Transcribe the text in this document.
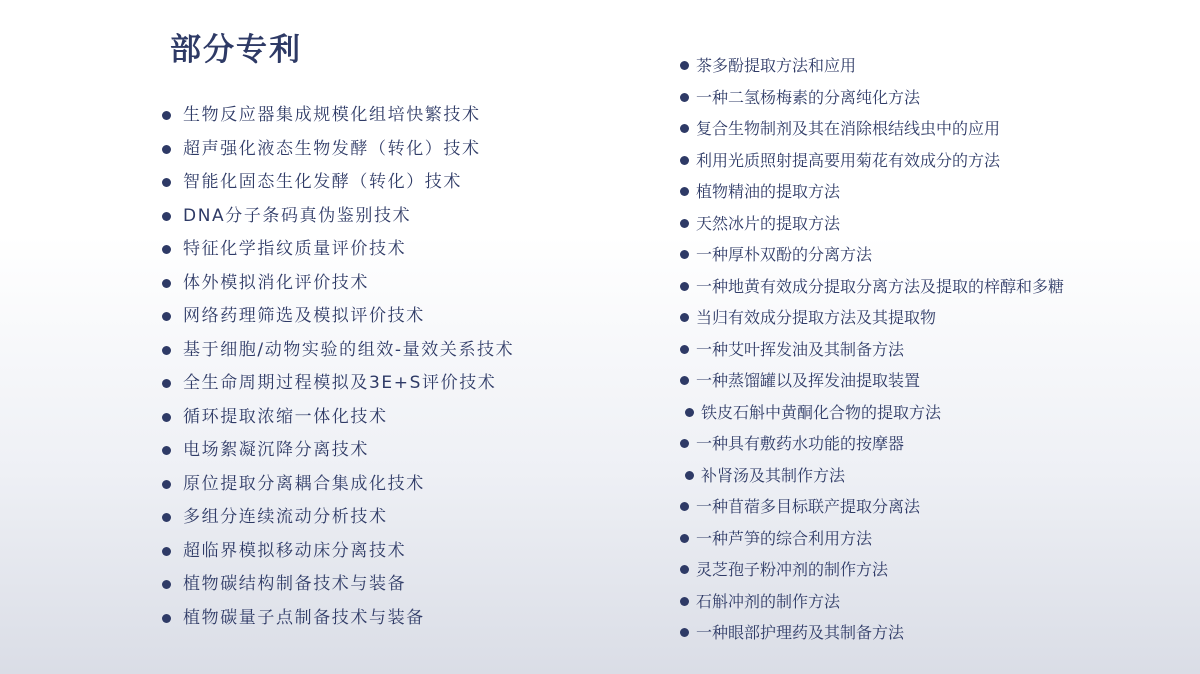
部分专利
生物反应器集成规模化组培快繁技术
超声强化液态生物发酵（转化）技术
智能化固态生化发酵（转化）技术
DNA分子条码真伪鉴别技术
特征化学指纹质量评价技术
体外模拟消化评价技术
网络药理筛选及模拟评价技术
基于细胞/动物实验的组效-量效关系技术
全生命周期过程模拟及3E+S评价技术
循环提取浓缩一体化技术
电场絮凝沉降分离技术
原位提取分离耦合集成化技术
多组分连续流动分析技术
超临界模拟移动床分离技术
植物碳结构制备技术与装备
植物碳量子点制备技术与装备
茶多酚提取方法和应用
一种二氢杨梅素的分离纯化方法
复合生物制剂及其在消除根结线虫中的应用
利用光质照射提高要用菊花有效成分的方法
植物精油的提取方法
天然冰片的提取方法
一种厚朴双酚的分离方法
一种地黄有效成分提取分离方法及提取的梓醇和多糖
当归有效成分提取方法及其提取物
一种艾叶挥发油及其制备方法
一种蒸馏罐以及挥发油提取装置
铁皮石斛中黄酮化合物的提取方法
一种具有敷药水功能的按摩器
补肾汤及其制作方法
一种苜蓿多目标联产提取分离法
一种芦笋的综合利用方法
灵芝孢子粉冲剂的制作方法
石斛冲剂的制作方法
一种眼部护理药及其制备方法
